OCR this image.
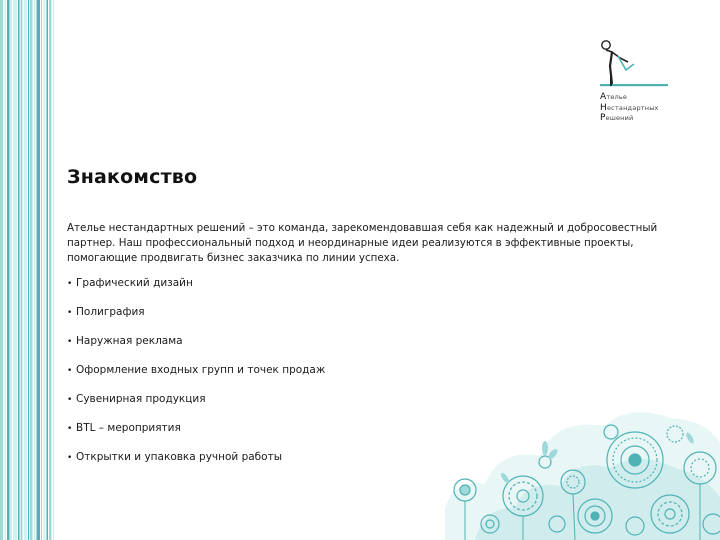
Ателье
Нестандартных
Решений
Знакомство

Ателье нестандартных решений – это команда, зарекомендовавшая себя как надежный и добросовестный партнер. Наш профессиональный подход и неординарные идеи реализуются в эффективные проекты, помогающие продвигать бизнес заказчика по линии успеха.

• Графический дизайн
• Полиграфия
• Наружная реклама
• Оформление входных групп и точек продаж
• Сувенирная продукция
• BTL – мероприятия
• Открытки и упаковка ручной работы
